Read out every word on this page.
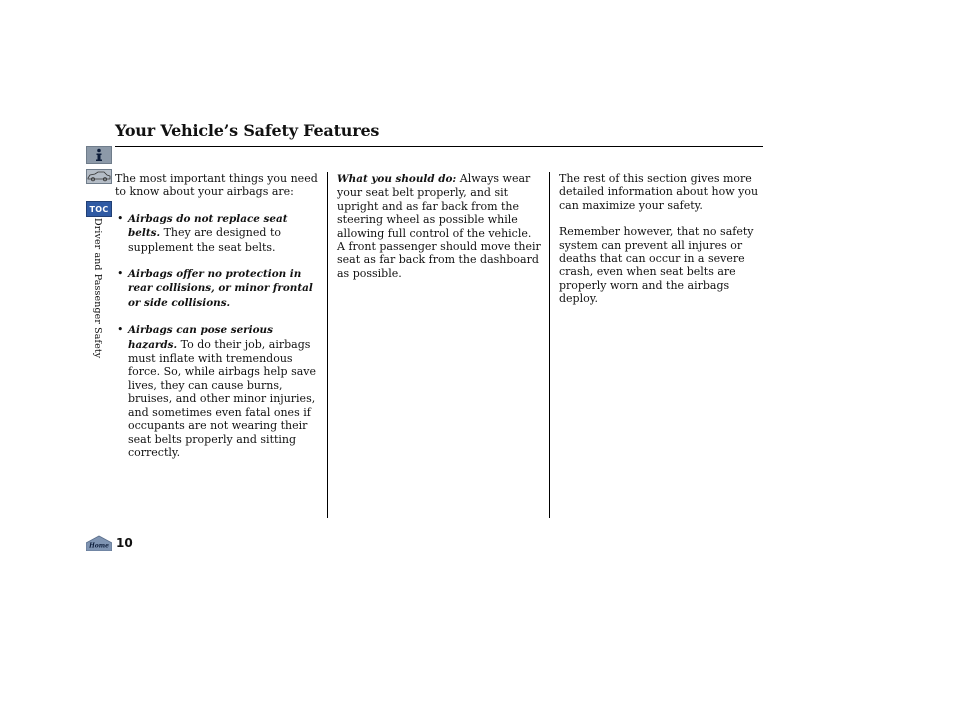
Your Vehicle’s Safety Features
TOC
Driver and Passenger Safety
Home 10

The most important things you need to know about your airbags are:

• Airbags do not replace seat belts. They are designed to supplement the seat belts.
• Airbags offer no protection in rear collisions, or minor frontal or side collisions.
• Airbags can pose serious hazards. To do their job, airbags must inflate with tremendous force. So, while airbags help save lives, they can cause burns, bruises, and other minor injuries, and sometimes even fatal ones if occupants are not wearing their seat belts properly and sitting correctly.

What you should do: Always wear your seat belt properly, and sit upright and as far back from the steering wheel as possible while allowing full control of the vehicle. A front passenger should move their seat as far back from the dashboard as possible.

The rest of this section gives more detailed information about how you can maximize your safety.

Remember however, that no safety system can prevent all injures or deaths that can occur in a severe crash, even when seat belts are properly worn and the airbags deploy.
